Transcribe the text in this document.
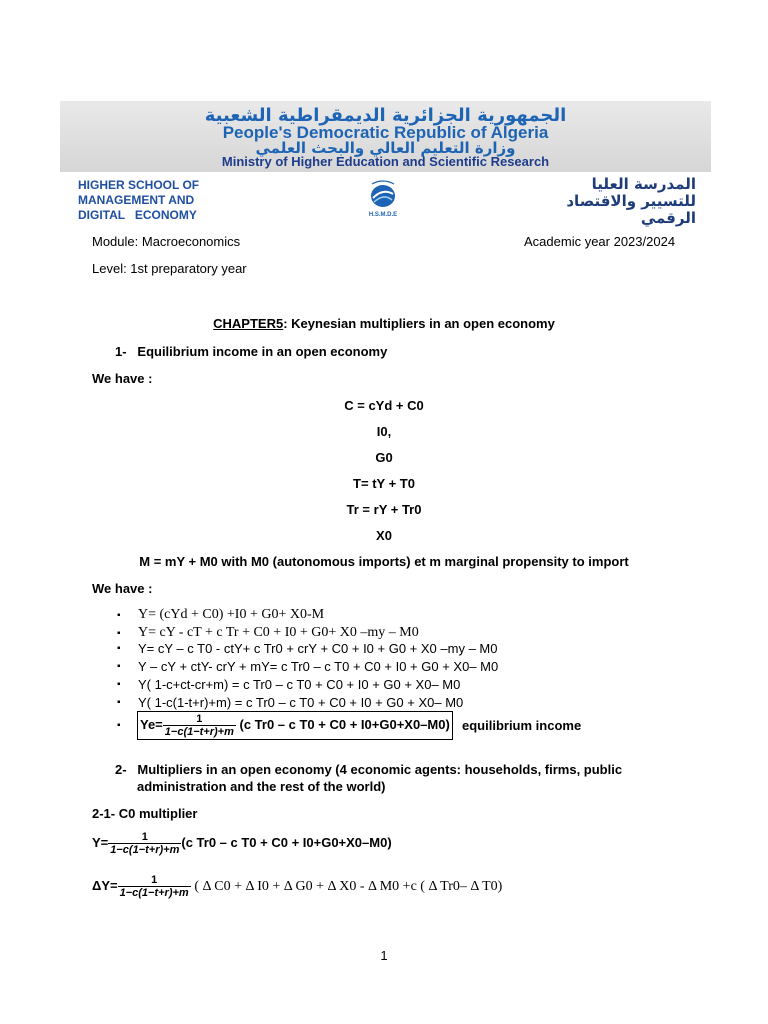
الجمهورية الجزائرية الديمقراطية الشعبية
People's Democratic Republic of Algeria
وزارة التعليم العالي والبحث العلمي
Ministry of Higher Education and Scientific Research
HIGHER SCHOOL OF
MANAGEMENT AND
DIGITAL   ECONOMY	H.S.M.D.E
المدرسة العليا
للتسيير والاقتصاد
الرقمي
Module: Macroeconomics	Academic year 2023/2024
Level: 1st preparatory year
CHAPTER5: Keynesian multipliers in an open economy
1-   Equilibrium income in an open economy
We have :
C = cYd + C0
I0,
G0
T= tY + T0
Tr = rY + Tr0
X0
M = mY + M0 with M0 (autonomous imports) et m marginal propensity to import
We have :
▪ Y= (cYd + C0) +I0 + G0+ X0-M
▪ Y= cY - cT + c Tr + C0 + I0 + G0+ X0 –my – M0
▪ Y= cY – c T0 - ctY+ c Tr0 + crY + C0 + I0 + G0 + X0 –my – M0
▪ Y – cY + ctY- crY + mY= c Tr0 – c T0 + C0 + I0 + G0 + X0– M0
▪ Y( 1-c+ct-cr+m) = c Tr0 – c T0 + C0 + I0 + G0 + X0– M0
▪ Y( 1-c(1-t+r)+m) = c Tr0 – c T0 + C0 + I0 + G0 + X0– M0
▪ $Ye= \frac{1}{1-c(1-t+r)+m} (c$ Tr0 – c T0 + C0 + I0+G0+X0–M0) equilibrium income
2-   Multipliers in an open economy (4 economic agents: households, firms, public
administration and the rest of the world)
2-1- C0 multiplier
$Y= \frac{1}{1-c(1-t+r)+m} (c$ Tr0 – c T0 + C0 + I0+G0+X0–M0)
$\Delta Y= \frac{1}{1-c(1-t+r)+m}$ ( Δ C0 + Δ I0 + Δ G0 + Δ X0 - Δ M0 +c ( Δ Tr0– Δ T0)
1
